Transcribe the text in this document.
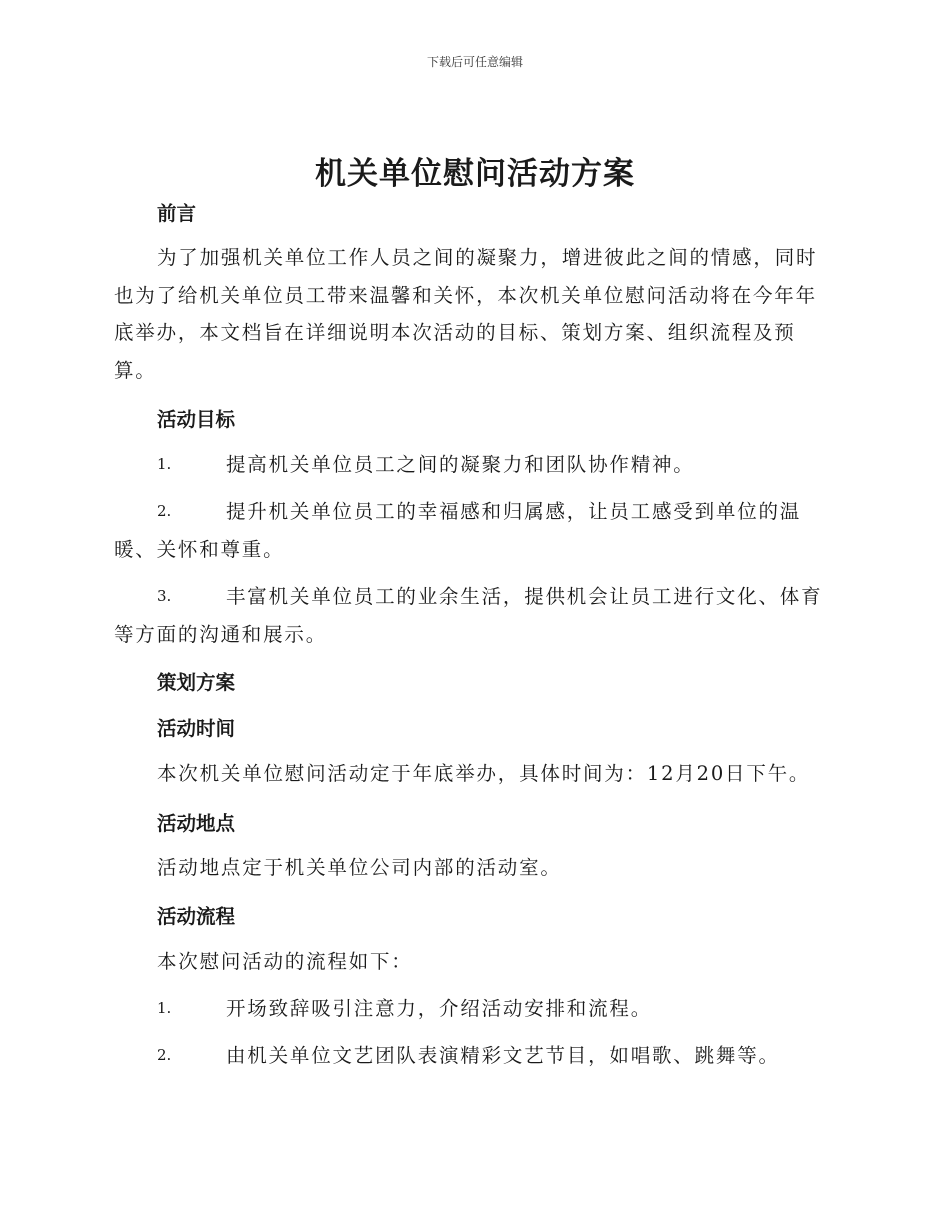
下载后可任意编辑
机关单位慰问活动方案
前言
为了加强机关单位工作人员之间的凝聚力，增进彼此之间的情感，同时也为了给机关单位员工带来温馨和关怀，本次机关单位慰问活动将在今年年底举办，本文档旨在详细说明本次活动的目标、策划方案、组织流程及预算。
活动目标
1.	提高机关单位员工之间的凝聚力和团队协作精神。
2.	提升机关单位员工的幸福感和归属感，让员工感受到单位的温
暖、关怀和尊重。
3.	丰富机关单位员工的业余生活，提供机会让员工进行文化、体育
等方面的沟通和展示。
策划方案
活动时间
本次机关单位慰问活动定于年底举办，具体时间为：12月20日下午。
活动地点
活动地点定于机关单位公司内部的活动室。
活动流程
本次慰问活动的流程如下：
1.	开场致辞吸引注意力，介绍活动安排和流程。
2.	由机关单位文艺团队表演精彩文艺节目，如唱歌、跳舞等。
